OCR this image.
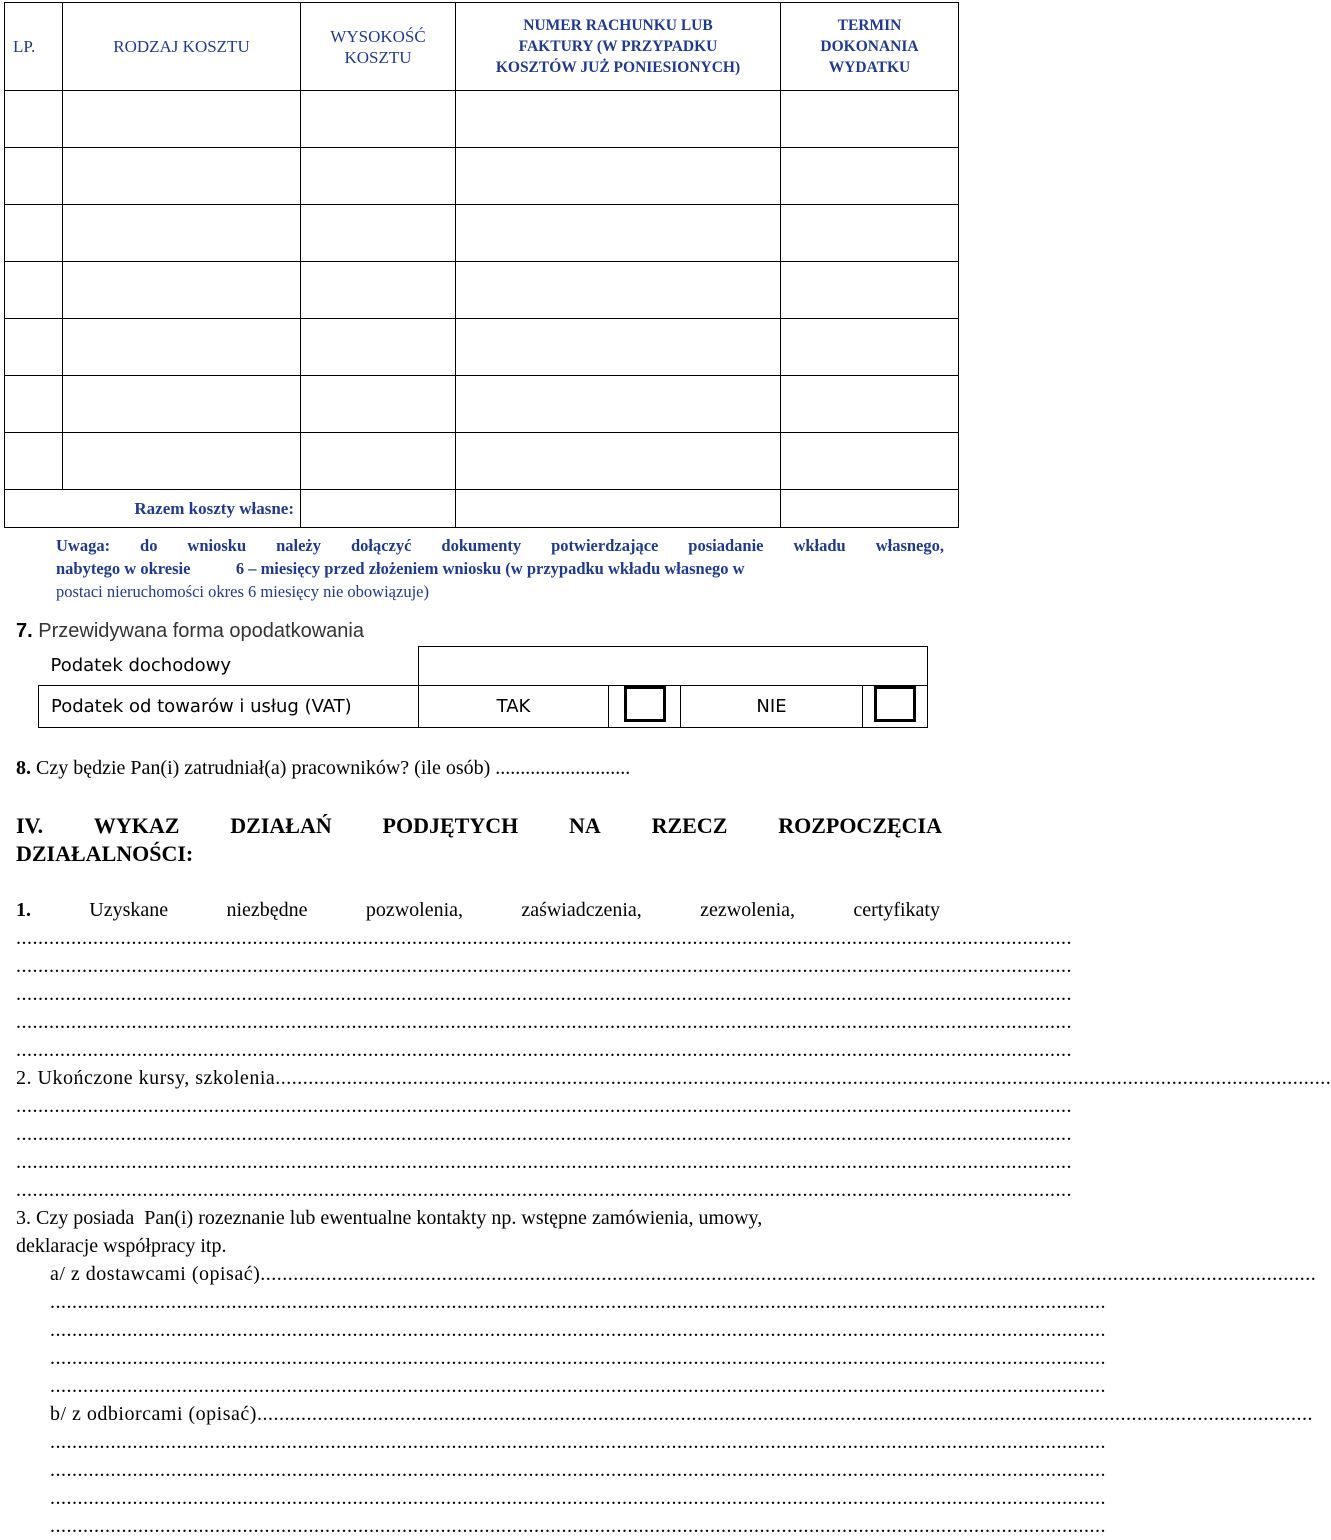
LP.	RODZAJ KOSZTU	WYSOKOŚĆ KOSZTU	NUMER RACHUNKU LUB FAKTURY (W PRZYPADKU KOSZTÓW JUŻ PONIESIONYCH)	TERMIN DOKONANIA WYDATKU

Razem koszty własne:				
Uwaga: do wniosku należy dołączyć dokumenty potwierdzające posiadanie wkładu własnego,
nabytego w okresie           6 – miesięcy przed złożeniem wniosku (w przypadku wkładu własnego w
postaci nieruchomości okres 6 miesięcy nie obowiązuje)
7. Przewidywana forma opodatkowania
Podatek dochodowy				
Podatek od towarów i usług (VAT)	TAK		NIE	
8. Czy będzie Pan(i) zatrudniał(a) pracowników? (ile osób) ...........................
IV. WYKAZ DZIAŁAŃ PODJĘTYCH NA RZECZ ROZPOCZĘCIA
DZIAŁALNOŚCI:
1.	Uzyskane	niezbędne	pozwolenia,	zaświadczenia,	zezwolenia,	certyfikaty
................................................................................................................................................................................................
................................................................................................................................................................................................
................................................................................................................................................................................................
................................................................................................................................................................................................
................................................................................................................................................................................................
2. Ukończone kursy, szkolenia................................................................................................................................................................................................
................................................................................................................................................................................................
................................................................................................................................................................................................
................................................................................................................................................................................................
................................................................................................................................................................................................
3. Czy posiada  Pan(i) rozeznanie lub ewentualne kontakty np. wstępne zamówienia, umowy,
deklaracje współpracy itp.
a/ z dostawcami (opisać)................................................................................................................................................................................................
................................................................................................................................................................................................
................................................................................................................................................................................................
................................................................................................................................................................................................
................................................................................................................................................................................................
b/ z odbiorcami (opisać)................................................................................................................................................................................................
................................................................................................................................................................................................
................................................................................................................................................................................................
................................................................................................................................................................................................
................................................................................................................................................................................................
